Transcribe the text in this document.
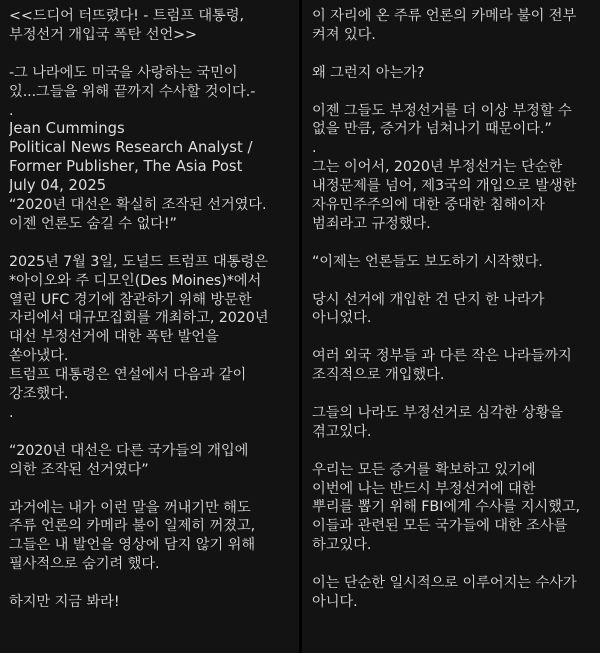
<<드디어 터뜨렸다! - 트럼프 대통령,
부정선거 개입국 폭탄 선언>>
-그 나라에도 미국을 사랑하는 국민이
있...그들을 위해 끝까지 수사할 것이다.-
.
Jean Cummings
Political News Research Analyst /
Former Publisher, The Asia Post
July 04, 2025
“2020년 대선은 확실히 조작된 선거였다.
이젠 언론도 숨길 수 없다!”
2025년 7월 3일, 도널드 트럼프 대통령은
*아이오와 주 디모인(Des Moines)*에서
열린 UFC 경기에 참관하기 위해 방문한
자리에서 대규모집회를 개최하고, 2020년
대선 부정선거에 대한 폭탄 발언을
쏟아냈다.
트럼프 대통령은 연설에서 다음과 같이
강조했다.
.
“2020년 대선은 다른 국가들의 개입에
의한 조작된 선거였다”
과거에는 내가 이런 말을 꺼내기만 해도
주류 언론의 카메라 불이 일제히 꺼졌고,
그들은 내 발언을 영상에 담지 않기 위해
필사적으로 숨기려 했다.
하지만 지금 봐라!
이 자리에 온 주류 언론의 카메라 불이 전부
켜져 있다.
왜 그런지 아는가?
이젠 그들도 부정선거를 더 이상 부정할 수
없을 만큼, 증거가 넘쳐나기 때문이다.”
.
그는 이어서, 2020년 부정선거는 단순한
내정문제를 넘어, 제3국의 개입으로 발생한
자유민주주의에 대한 중대한 침해이자
범죄라고 규정했다.
“이제는 언론들도 보도하기 시작했다.
당시 선거에 개입한 건 단지 한 나라가
아니었다.
여러 외국 정부들 과 다른 작은 나라들까지
조직적으로 개입했다.
그들의 나라도 부정선거로 심각한 상황을
겪고있다.
우리는 모든 증거를 확보하고 있기에
이번에 나는 반드시 부정선거에 대한
뿌리를 뽑기 위해 FBI에게 수사를 지시했고,
이들과 관련된 모든 국가들에 대한 조사를
하고있다.
이는 단순한 일시적으로 이루어지는 수사가
아니다.
